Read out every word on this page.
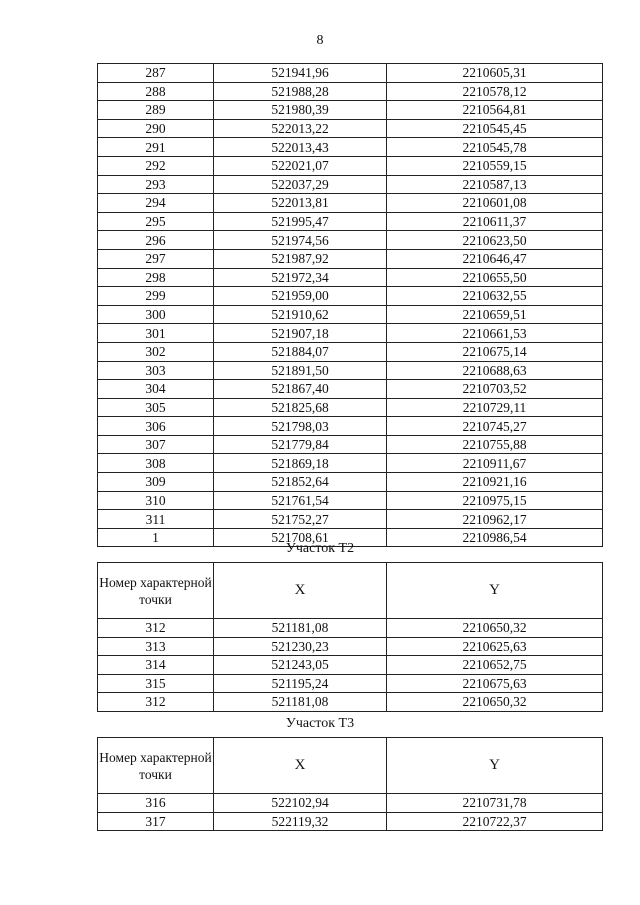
8
287	521941,96	2210605,31
288	521988,28	2210578,12
289	521980,39	2210564,81
290	522013,22	2210545,45
291	522013,43	2210545,78
292	522021,07	2210559,15
293	522037,29	2210587,13
294	522013,81	2210601,08
295	521995,47	2210611,37
296	521974,56	2210623,50
297	521987,92	2210646,47
298	521972,34	2210655,50
299	521959,00	2210632,55
300	521910,62	2210659,51
301	521907,18	2210661,53
302	521884,07	2210675,14
303	521891,50	2210688,63
304	521867,40	2210703,52
305	521825,68	2210729,11
306	521798,03	2210745,27
307	521779,84	2210755,88
308	521869,18	2210911,67
309	521852,64	2210921,16
310	521761,54	2210975,15
311	521752,27	2210962,17
1	521708,61	2210986,54
Участок Т2
Номер характерной точки	X	Y
312	521181,08	2210650,32
313	521230,23	2210625,63
314	521243,05	2210652,75
315	521195,24	2210675,63
312	521181,08	2210650,32
Участок Т3
Номер характерной точки	X	Y
316	522102,94	2210731,78
317	522119,32	2210722,37
